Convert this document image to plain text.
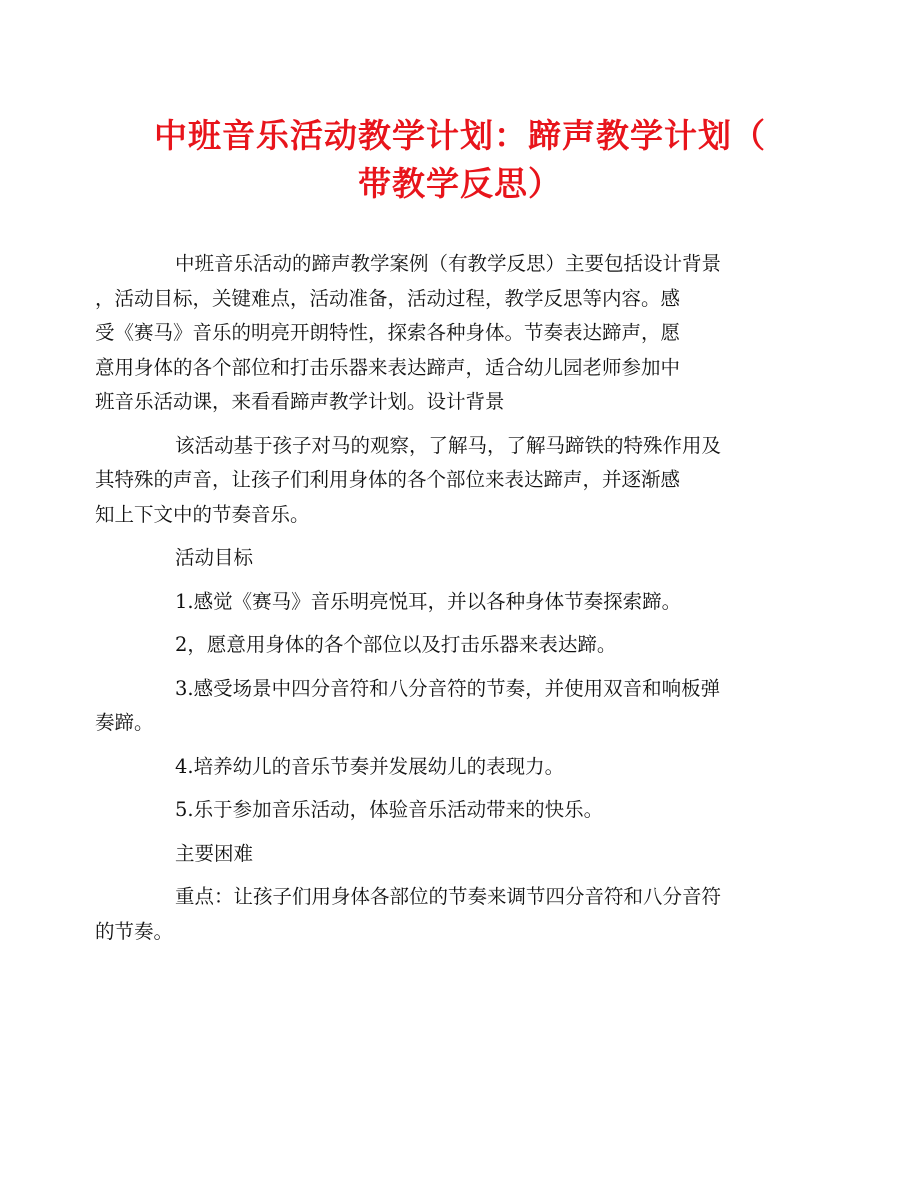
中班音乐活动教学计划：蹄声教学计划（
带教学反思）

中班音乐活动的蹄声教学案例（有教学反思）主要包括设计背景
，活动目标，关键难点，活动准备，活动过程，教学反思等内容。感
受《赛马》音乐的明亮开朗特性，探索各种身体。节奏表达蹄声，愿
意用身体的各个部位和打击乐器来表达蹄声，适合幼儿园老师参加中
班音乐活动课，来看看蹄声教学计划。设计背景

该活动基于孩子对马的观察，了解马，了解马蹄铁的特殊作用及
其特殊的声音，让孩子们利用身体的各个部位来表达蹄声，并逐渐感
知上下文中的节奏音乐。

活动目标

1.感觉《赛马》音乐明亮悦耳，并以各种身体节奏探索蹄。

2，愿意用身体的各个部位以及打击乐器来表达蹄。

3.感受场景中四分音符和八分音符的节奏，并使用双音和响板弹
奏蹄。

4.培养幼儿的音乐节奏并发展幼儿的表现力。

5.乐于参加音乐活动，体验音乐活动带来的快乐。

主要困难

重点：让孩子们用身体各部位的节奏来调节四分音符和八分音符
的节奏。
